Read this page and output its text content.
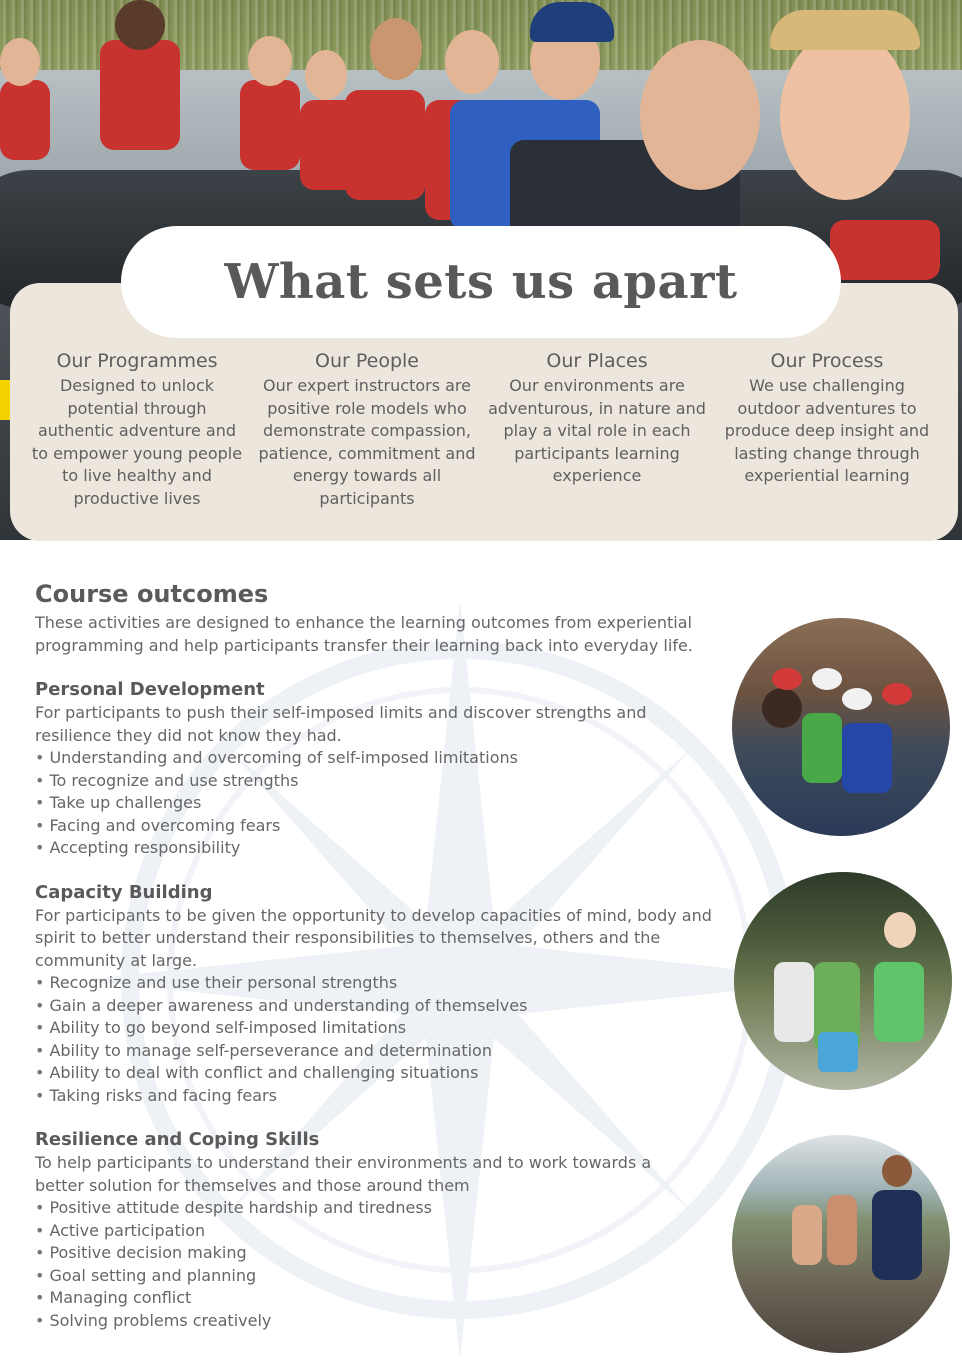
What sets us apart
Our Programmes

Designed to unlock potential through authentic adventure and to empower young people to live healthy and productive lives

Our People

Our expert instructors are positive role models who demonstrate compassion, patience, commitment and energy towards all participants

Our Places

Our environments are adventurous, in nature and play a vital role in each participants learning experience

Our Process

We use challenging outdoor adventures to produce deep insight and lasting change through experiential learning

Course outcomes

These activities are designed to enhance the learning outcomes from experiential programming and help participants transfer their learning back into everyday life.

Personal Development

For participants to push their self-imposed limits and discover strengths and resilience they did not know they had.

• Understanding and overcoming of self-imposed limitations
• To recognize and use strengths
• Take up challenges
• Facing and overcoming fears
• Accepting responsibility
Capacity Building

For participants to be given the opportunity to develop capacities of mind, body and spirit to better understand their responsibilities to themselves, others and the community at large.

• Recognize and use their personal strengths
• Gain a deeper awareness and understanding of themselves
• Ability to go beyond self-imposed limitations
• Ability to manage self-perseverance and determination
• Ability to deal with conflict and challenging situations
• Taking risks and facing fears
Resilience and Coping Skills

To help participants to understand their environments and to work towards a better solution for themselves and those around them

• Positive attitude despite hardship and tiredness
• Active participation
• Positive decision making
• Goal setting and planning
• Managing conflict
• Solving problems creatively
